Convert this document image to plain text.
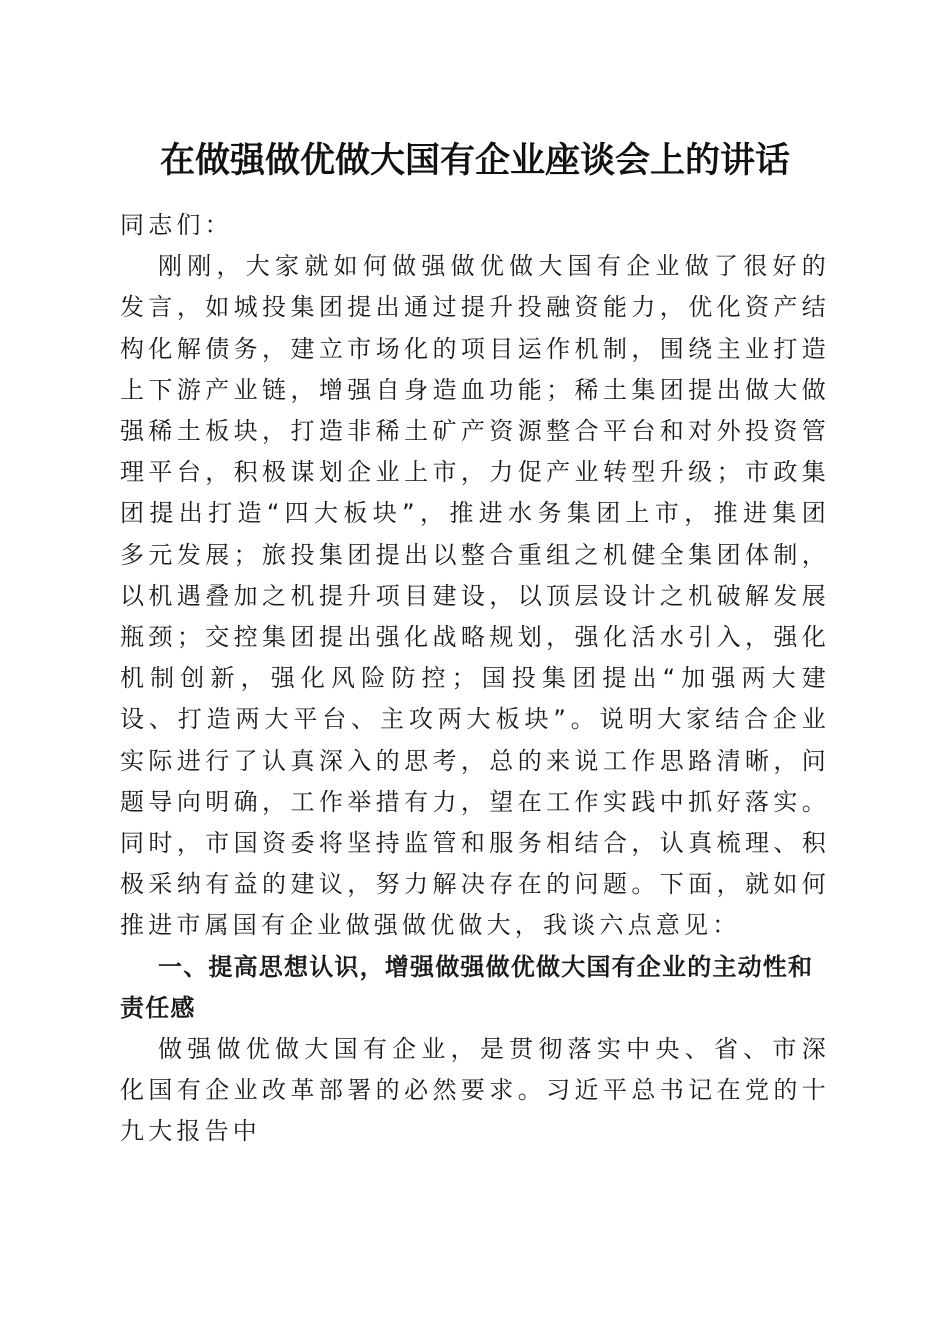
在做强做优做大国有企业座谈会上的讲话

同志们：

刚刚，大家就如何做强做优做大国有企业做了很好的发言，如城投集团提出通过提升投融资能力，优化资产结构化解债务，建立市场化的项目运作机制，围绕主业打造上下游产业链，增强自身造血功能；稀土集团提出做大做强稀土板块，打造非稀土矿产资源整合平台和对外投资管理平台，积极谋划企业上市，力促产业转型升级；市政集团提出打造“四大板块”，推进水务集团上市，推进集团多元发展；旅投集团提出以整合重组之机健全集团体制，以机遇叠加之机提升项目建设，以顶层设计之机破解发展瓶颈；交控集团提出强化战略规划，强化活水引入，强化机制创新，强化风险防控；国投集团提出“加强两大建设、打造两大平台、主攻两大板块”。说明大家结合企业实际进行了认真深入的思考，总的来说工作思路清晰，问题导向明确，工作举措有力，望在工作实践中抓好落实。同时，市国资委将坚持监管和服务相结合，认真梳理、积极采纳有益的建议，努力解决存在的问题。下面，就如何推进市属国有企业做强做优做大，我谈六点意见：

一、提高思想认识，增强做强做优做大国有企业的主动性和责任感

做强做优做大国有企业，是贯彻落实中央、省、市深化国有企业改革部署的必然要求。习近平总书记在党的十九大报告中
